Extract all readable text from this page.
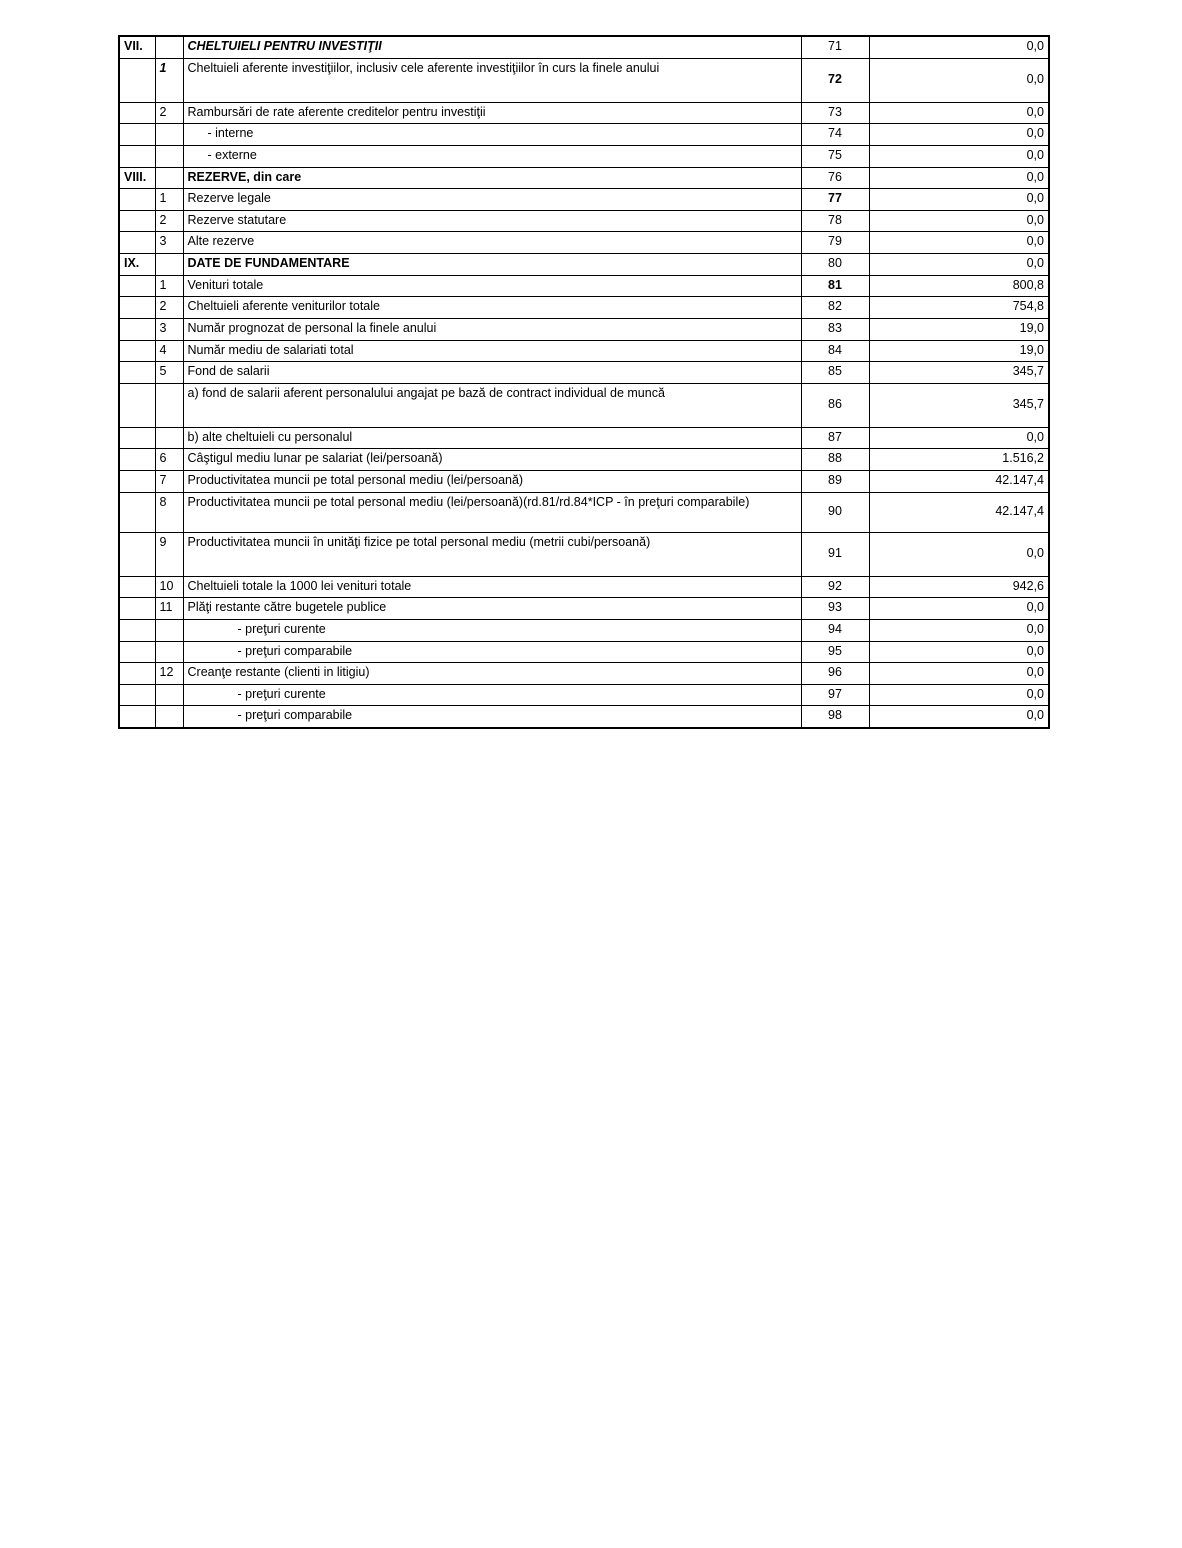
VII.		CHELTUIELI PENTRU INVESTIŢII	71	0,0
	1	Cheltuieli aferente investiţiilor, inclusiv cele aferente investiţiilor în curs la finele anului	72	0,0
	2	Rambursări de rate aferente creditelor pentru investiţii	73	0,0
		- interne	74	0,0
		- externe	75	0,0
VIII.		REZERVE, din care	76	0,0
	1	Rezerve legale	77	0,0
	2	Rezerve statutare	78	0,0
	3	Alte rezerve	79	0,0
IX.		DATE DE FUNDAMENTARE	80	0,0
	1	Venituri totale	81	800,8
	2	Cheltuieli aferente veniturilor totale	82	754,8
	3	Număr prognozat de personal la finele anului	83	19,0
	4	Număr mediu de salariati total	84	19,0
	5	Fond de salarii	85	345,7
		a) fond de salarii aferent personalului angajat pe bază de contract individual de muncă	86	345,7
		b) alte cheltuieli cu personalul	87	0,0
	6	Câştigul mediu lunar pe salariat (lei/persoană)	88	1.516,2
	7	Productivitatea muncii pe total personal mediu (lei/persoană)	89	42.147,4
	8	Productivitatea muncii pe total personal mediu (lei/persoană)(rd.81/rd.84*ICP - în preţuri comparabile)	90	42.147,4
	9	Productivitatea muncii în unităţi fizice pe total personal mediu (metrii cubi/persoană)	91	0,0
	10	Cheltuieli totale la 1000 lei venituri totale	92	942,6
	11	Plăţi restante către bugetele publice	93	0,0
		- preţuri curente	94	0,0
		- preţuri comparabile	95	0,0
	12	Creanţe restante (clienti in litigiu)	96	0,0
		- preţuri curente	97	0,0
		- preţuri comparabile	98	0,0
